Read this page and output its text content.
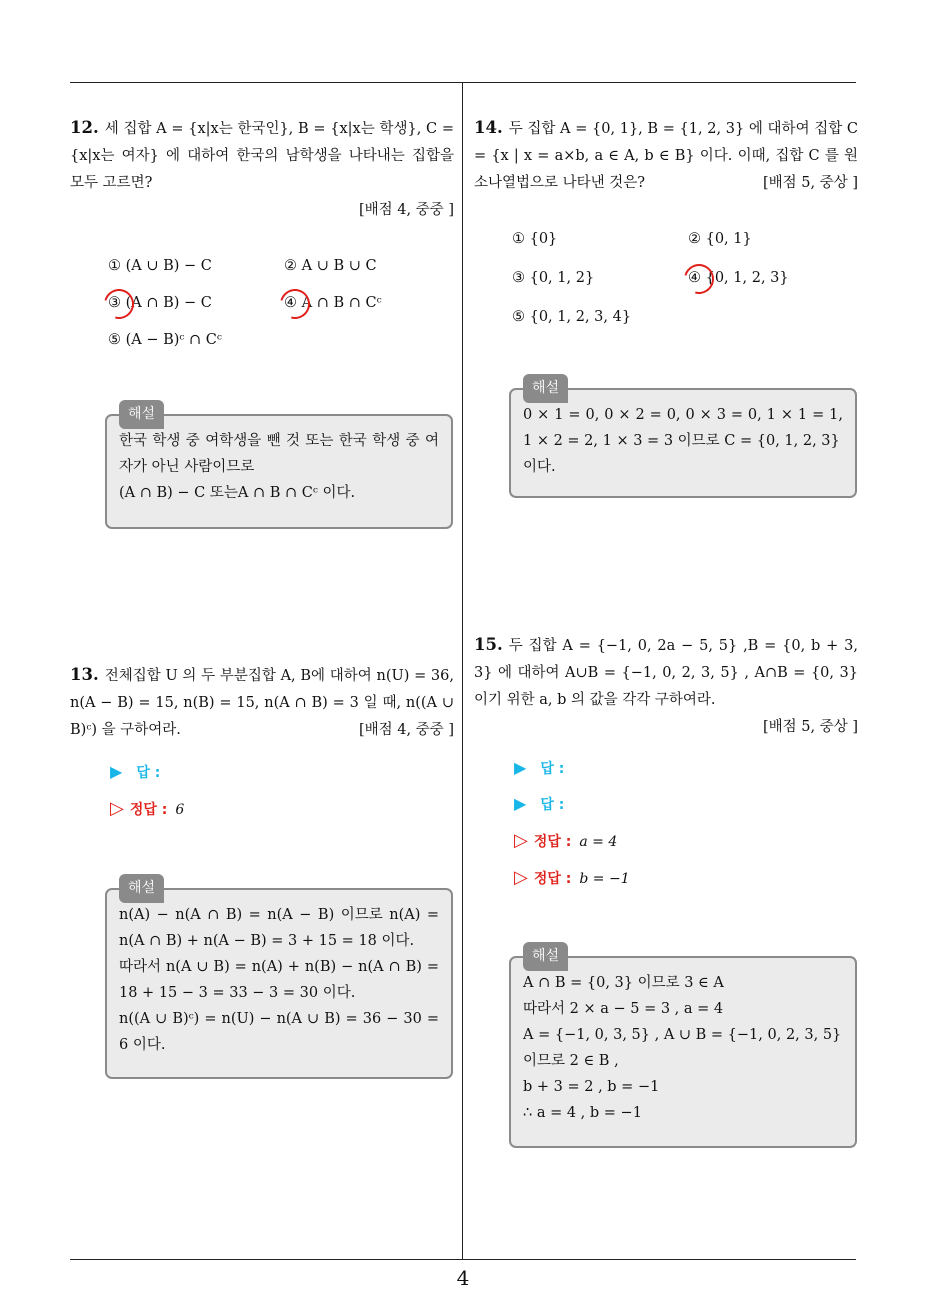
4
12. 세 집합 A = {x|x는 한국인}, B = {x|x는 학생}, C = {x|x는 여자} 에 대하여 한국의 남학생을 나타내는 집합을 모두 고르면?
[배점 4, 중중 ]
① (A ∪ B) − C	② A ∪ B ∪ C
③ (A ∩ B) − C	④ A ∩ B ∩ Cᶜ
⑤ (A − B)ᶜ ∩ Cᶜ
해설
한국 학생 중 여학생을 뺀 것 또는 한국 학생 중 여자가 아닌 사람이므로
(A ∩ B) − C 또는A ∩ B ∩ Cᶜ 이다.
13. 전체집합 U 의 두 부분집합 A, B에 대하여 n(U) = 36, n(A − B) = 15, n(B) = 15, n(A ∩ B) = 3 일 때, n((A ∪ B)ᶜ) 을 구하여라.	[배점 4, 중중 ]
▶ 답 :
▷ 정답 : 6
해설
n(A) − n(A ∩ B) = n(A − B) 이므로 n(A) = n(A ∩ B) + n(A − B) = 3 + 15 = 18 이다.
따라서 n(A ∪ B) = n(A) + n(B) − n(A ∩ B) = 18 + 15 − 3 = 33 − 3 = 30 이다.
n((A ∪ B)ᶜ) = n(U) − n(A ∪ B) = 36 − 30 = 6 이다.
14. 두 집합 A = {0, 1}, B = {1, 2, 3} 에 대하여 집합 C = {x | x = a×b, a ∈ A, b ∈ B} 이다. 이때, 집합 C 를 원소나열법으로 나타낸 것은?	[배점 5, 중상 ]
① {0}	② {0, 1}
③ {0, 1, 2}	④ {0, 1, 2, 3}
⑤ {0, 1, 2, 3, 4}
해설
0 × 1 = 0, 0 × 2 = 0, 0 × 3 = 0, 1 × 1 = 1, 1 × 2 = 2, 1 × 3 = 3 이므로 C = {0, 1, 2, 3}
이다.
15. 두 집합 A = {−1, 0, 2a − 5, 5} ,B = {0, b + 3, 3} 에 대하여 A∪B = {−1, 0, 2, 3, 5} , A∩B = {0, 3} 이기 위한 a, b 의 값을 각각 구하여라.
[배점 5, 중상 ]
▶ 답 :
▶ 답 :
▷ 정답 : a = 4
▷ 정답 : b = −1
해설
A ∩ B = {0, 3} 이므로 3 ∈ A
따라서 2 × a − 5 = 3 , a = 4
A = {−1, 0, 3, 5} , A ∪ B = {−1, 0, 2, 3, 5}
이므로 2 ∈ B ,
b + 3 = 2 , b = −1
∴ a = 4 , b = −1
